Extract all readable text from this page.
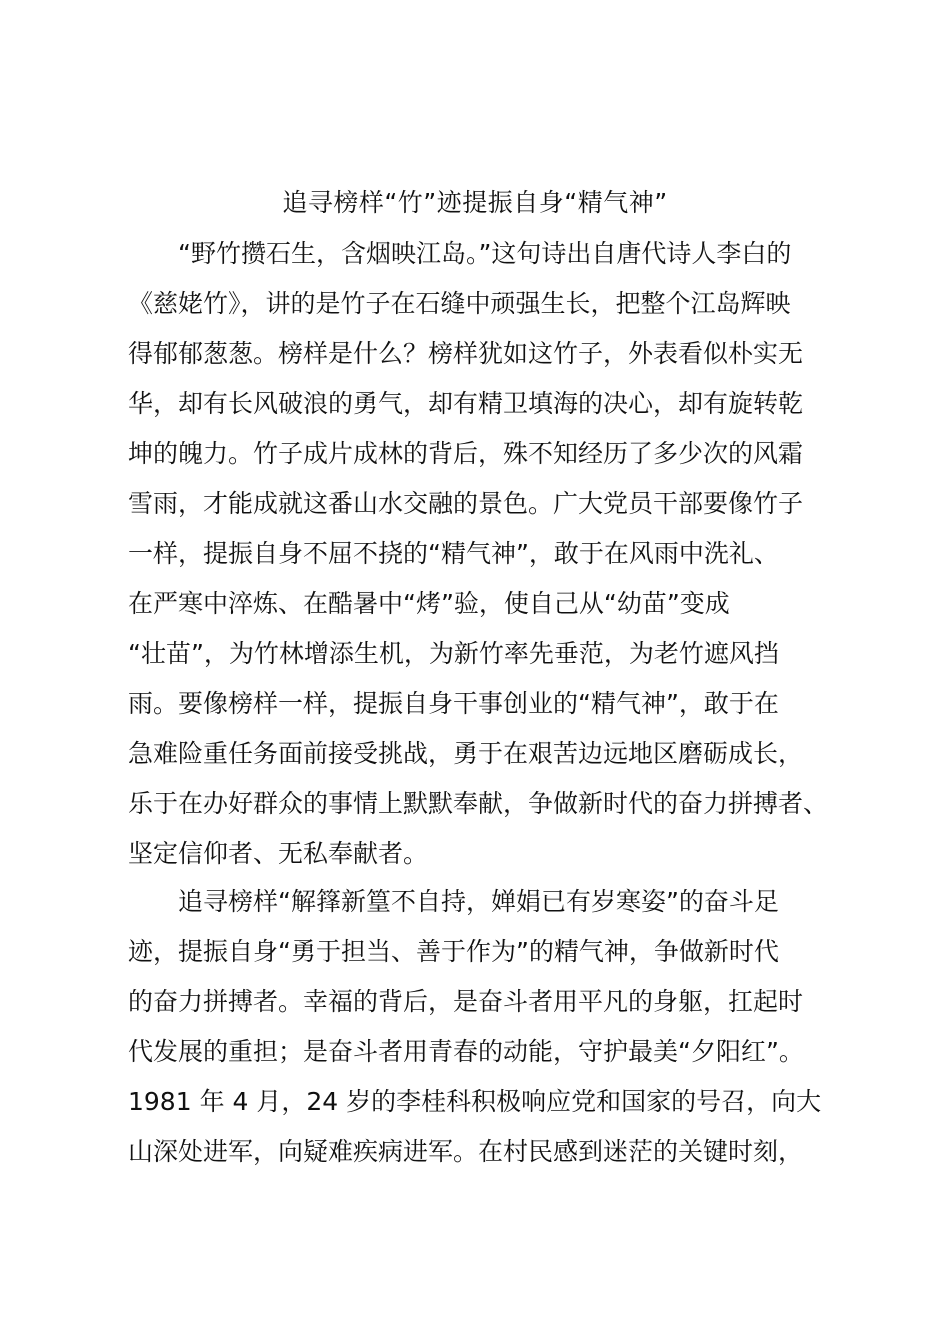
追寻榜样“竹”迹提振自身“精气神”
　　“野竹攒石生，含烟映江岛。”这句诗出自唐代诗人李白的
《慈姥竹》，讲的是竹子在石缝中顽强生长，把整个江岛辉映
得郁郁葱葱。榜样是什么？榜样犹如这竹子，外表看似朴实无
华，却有长风破浪的勇气，却有精卫填海的决心，却有旋转乾
坤的魄力。竹子成片成林的背后，殊不知经历了多少次的风霜
雪雨，才能成就这番山水交融的景色。广大党员干部要像竹子
一样，提振自身不屈不挠的“精气神”，敢于在风雨中洗礼、
在严寒中淬炼、在酷暑中“烤”验，使自己从“幼苗”变成
“壮苗”，为竹林增添生机，为新竹率先垂范，为老竹遮风挡
雨。要像榜样一样，提振自身干事创业的“精气神”，敢于在
急难险重任务面前接受挑战，勇于在艰苦边远地区磨砺成长，
乐于在办好群众的事情上默默奉献，争做新时代的奋力拼搏者、
坚定信仰者、无私奉献者。
　　追寻榜样“解箨新篁不自持，婵娟已有岁寒姿”的奋斗足
迹，提振自身“勇于担当、善于作为”的精气神，争做新时代
的奋力拼搏者。幸福的背后，是奋斗者用平凡的身躯，扛起时
代发展的重担；是奋斗者用青春的动能，守护最美“夕阳红”。
1981 年 4 月，24 岁的李桂科积极响应党和国家的号召，向大
山深处进军，向疑难疾病进军。在村民感到迷茫的关键时刻，
